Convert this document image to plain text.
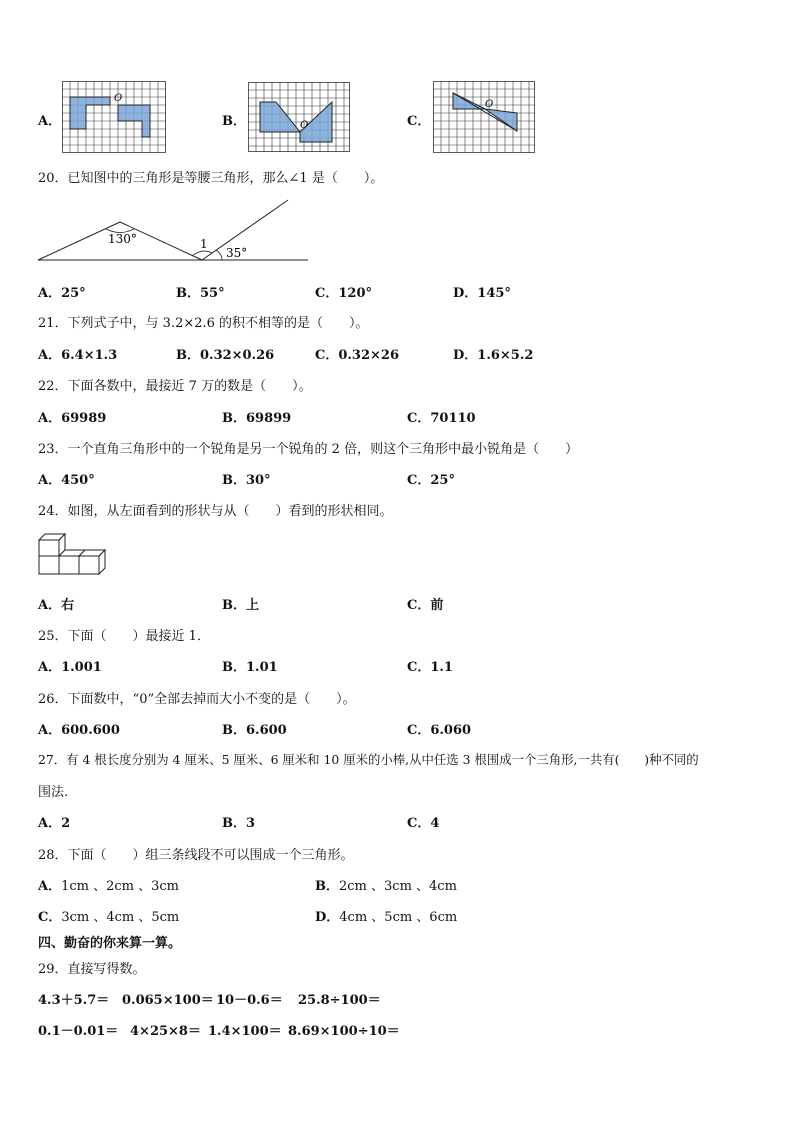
A．	B．	C．
O
O
O
20．已知图中的三角形是等腰三角形，那么∠1 是（　　）。
130°	1
35°
A．25°	B．55°	C．120°	D．145°
21．下列式子中，与 3.2×2.6 的积不相等的是（　　）。
A．6.4×1.3	B．0.32×0.26	C．0.32×26	D．1.6×5.2
22．下面各数中，最接近 7 万的数是（　　）。
A．69989	B．69899	C．70110
23．一个直角三角形中的一个锐角是另一个锐角的 2 倍，则这个三角形中最小锐角是（　　）
A．450°	B．30°	C．25°
24．如图，从左面看到的形状与从（　　）看到的形状相同。
A．右	B．上	C．前
25．下面（　　）最接近 1．
A．1.001	B．1.01	C．1.1
26．下面数中，“0”全部去掉而大小不变的是（　　）。
A．600.600	B．6.600	C．6.060
27．有 4 根长度分别为 4 厘米、5 厘米、6 厘米和 10 厘米的小棒,从中任选 3 根围成一个三角形,一共有(　　)种不同的
围法.
A．2	B．3	C．4
28．下面（　　）组三条线段不可以围成一个三角形。
A．1cm 、2cm 、3cm	B．2cm 、3cm 、4cm
C．3cm 、4cm 、5cm	D．4cm 、5cm 、6cm
四、勤奋的你来算一算。
29．直接写得数。
4.3＋5.7＝ 0.065×100＝ 10－0.6＝ 25.8÷100＝
0.1－0.01＝ 4×25×8＝ 1.4×100＝ 8.69×100÷10＝
